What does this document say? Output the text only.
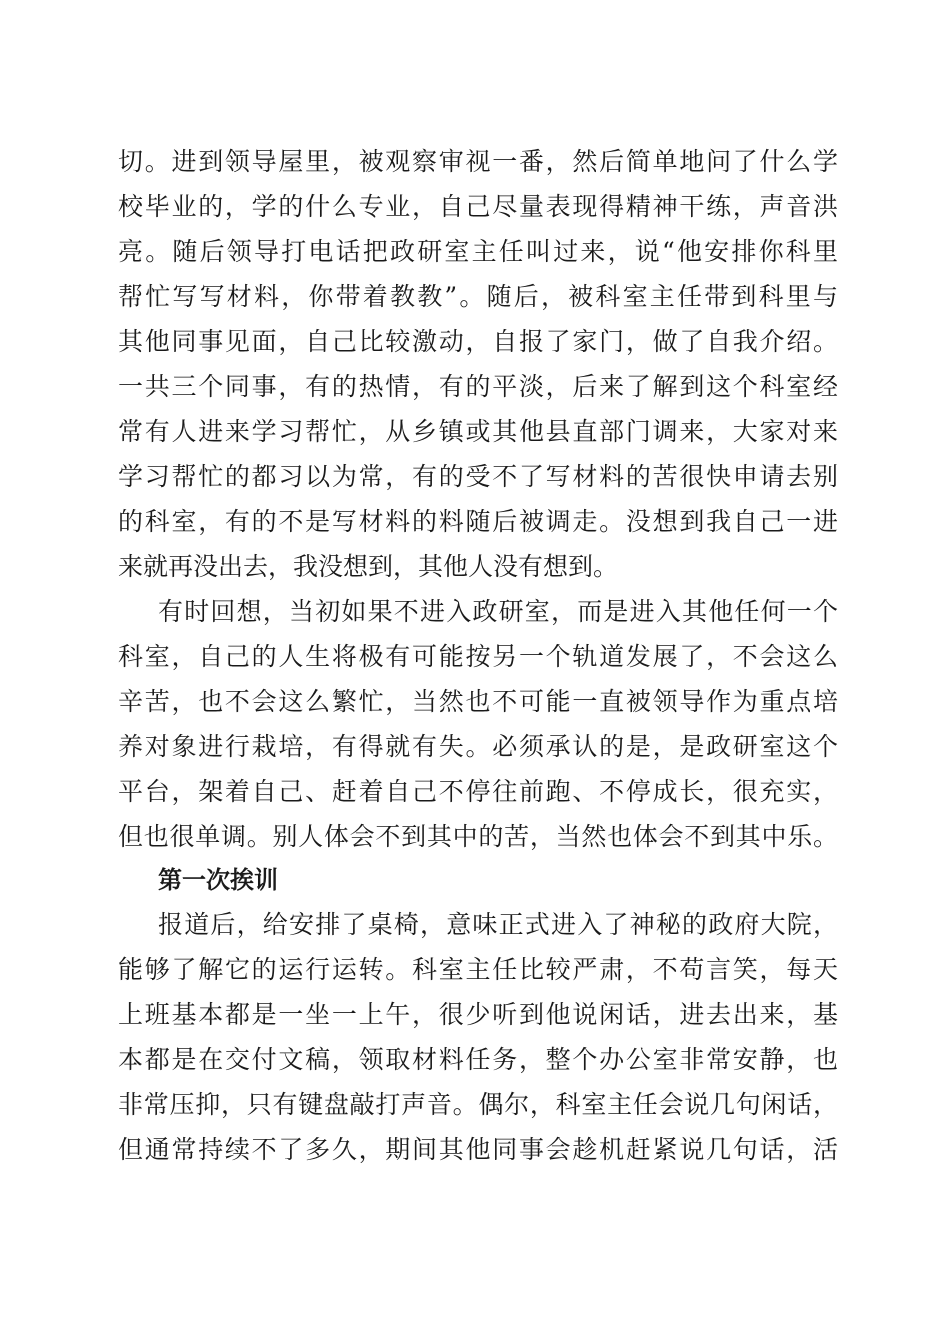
切。进到领导屋里，被观察审视一番，然后简单地问了什么学
校毕业的，学的什么专业，自己尽量表现得精神干练，声音洪
亮。随后领导打电话把政研室主任叫过来，说“他安排你科里
帮忙写写材料，你带着教教”。随后，被科室主任带到科里与
其他同事见面，自己比较激动，自报了家门，做了自我介绍。
一共三个同事，有的热情，有的平淡，后来了解到这个科室经
常有人进来学习帮忙，从乡镇或其他县直部门调来，大家对来
学习帮忙的都习以为常，有的受不了写材料的苦很快申请去别
的科室，有的不是写材料的料随后被调走。没想到我自己一进
来就再没出去，我没想到，其他人没有想到。
有时回想，当初如果不进入政研室，而是进入其他任何一个
科室，自己的人生将极有可能按另一个轨道发展了，不会这么
辛苦，也不会这么繁忙，当然也不可能一直被领导作为重点培
养对象进行栽培，有得就有失。必须承认的是，是政研室这个
平台，架着自己、赶着自己不停往前跑、不停成长，很充实，
但也很单调。别人体会不到其中的苦，当然也体会不到其中乐。
第一次挨训
报道后，给安排了桌椅，意味正式进入了神秘的政府大院，
能够了解它的运行运转。科室主任比较严肃，不苟言笑，每天
上班基本都是一坐一上午，很少听到他说闲话，进去出来，基
本都是在交付文稿，领取材料任务，整个办公室非常安静，也
非常压抑，只有键盘敲打声音。偶尔，科室主任会说几句闲话，
但通常持续不了多久，期间其他同事会趁机赶紧说几句话，活
